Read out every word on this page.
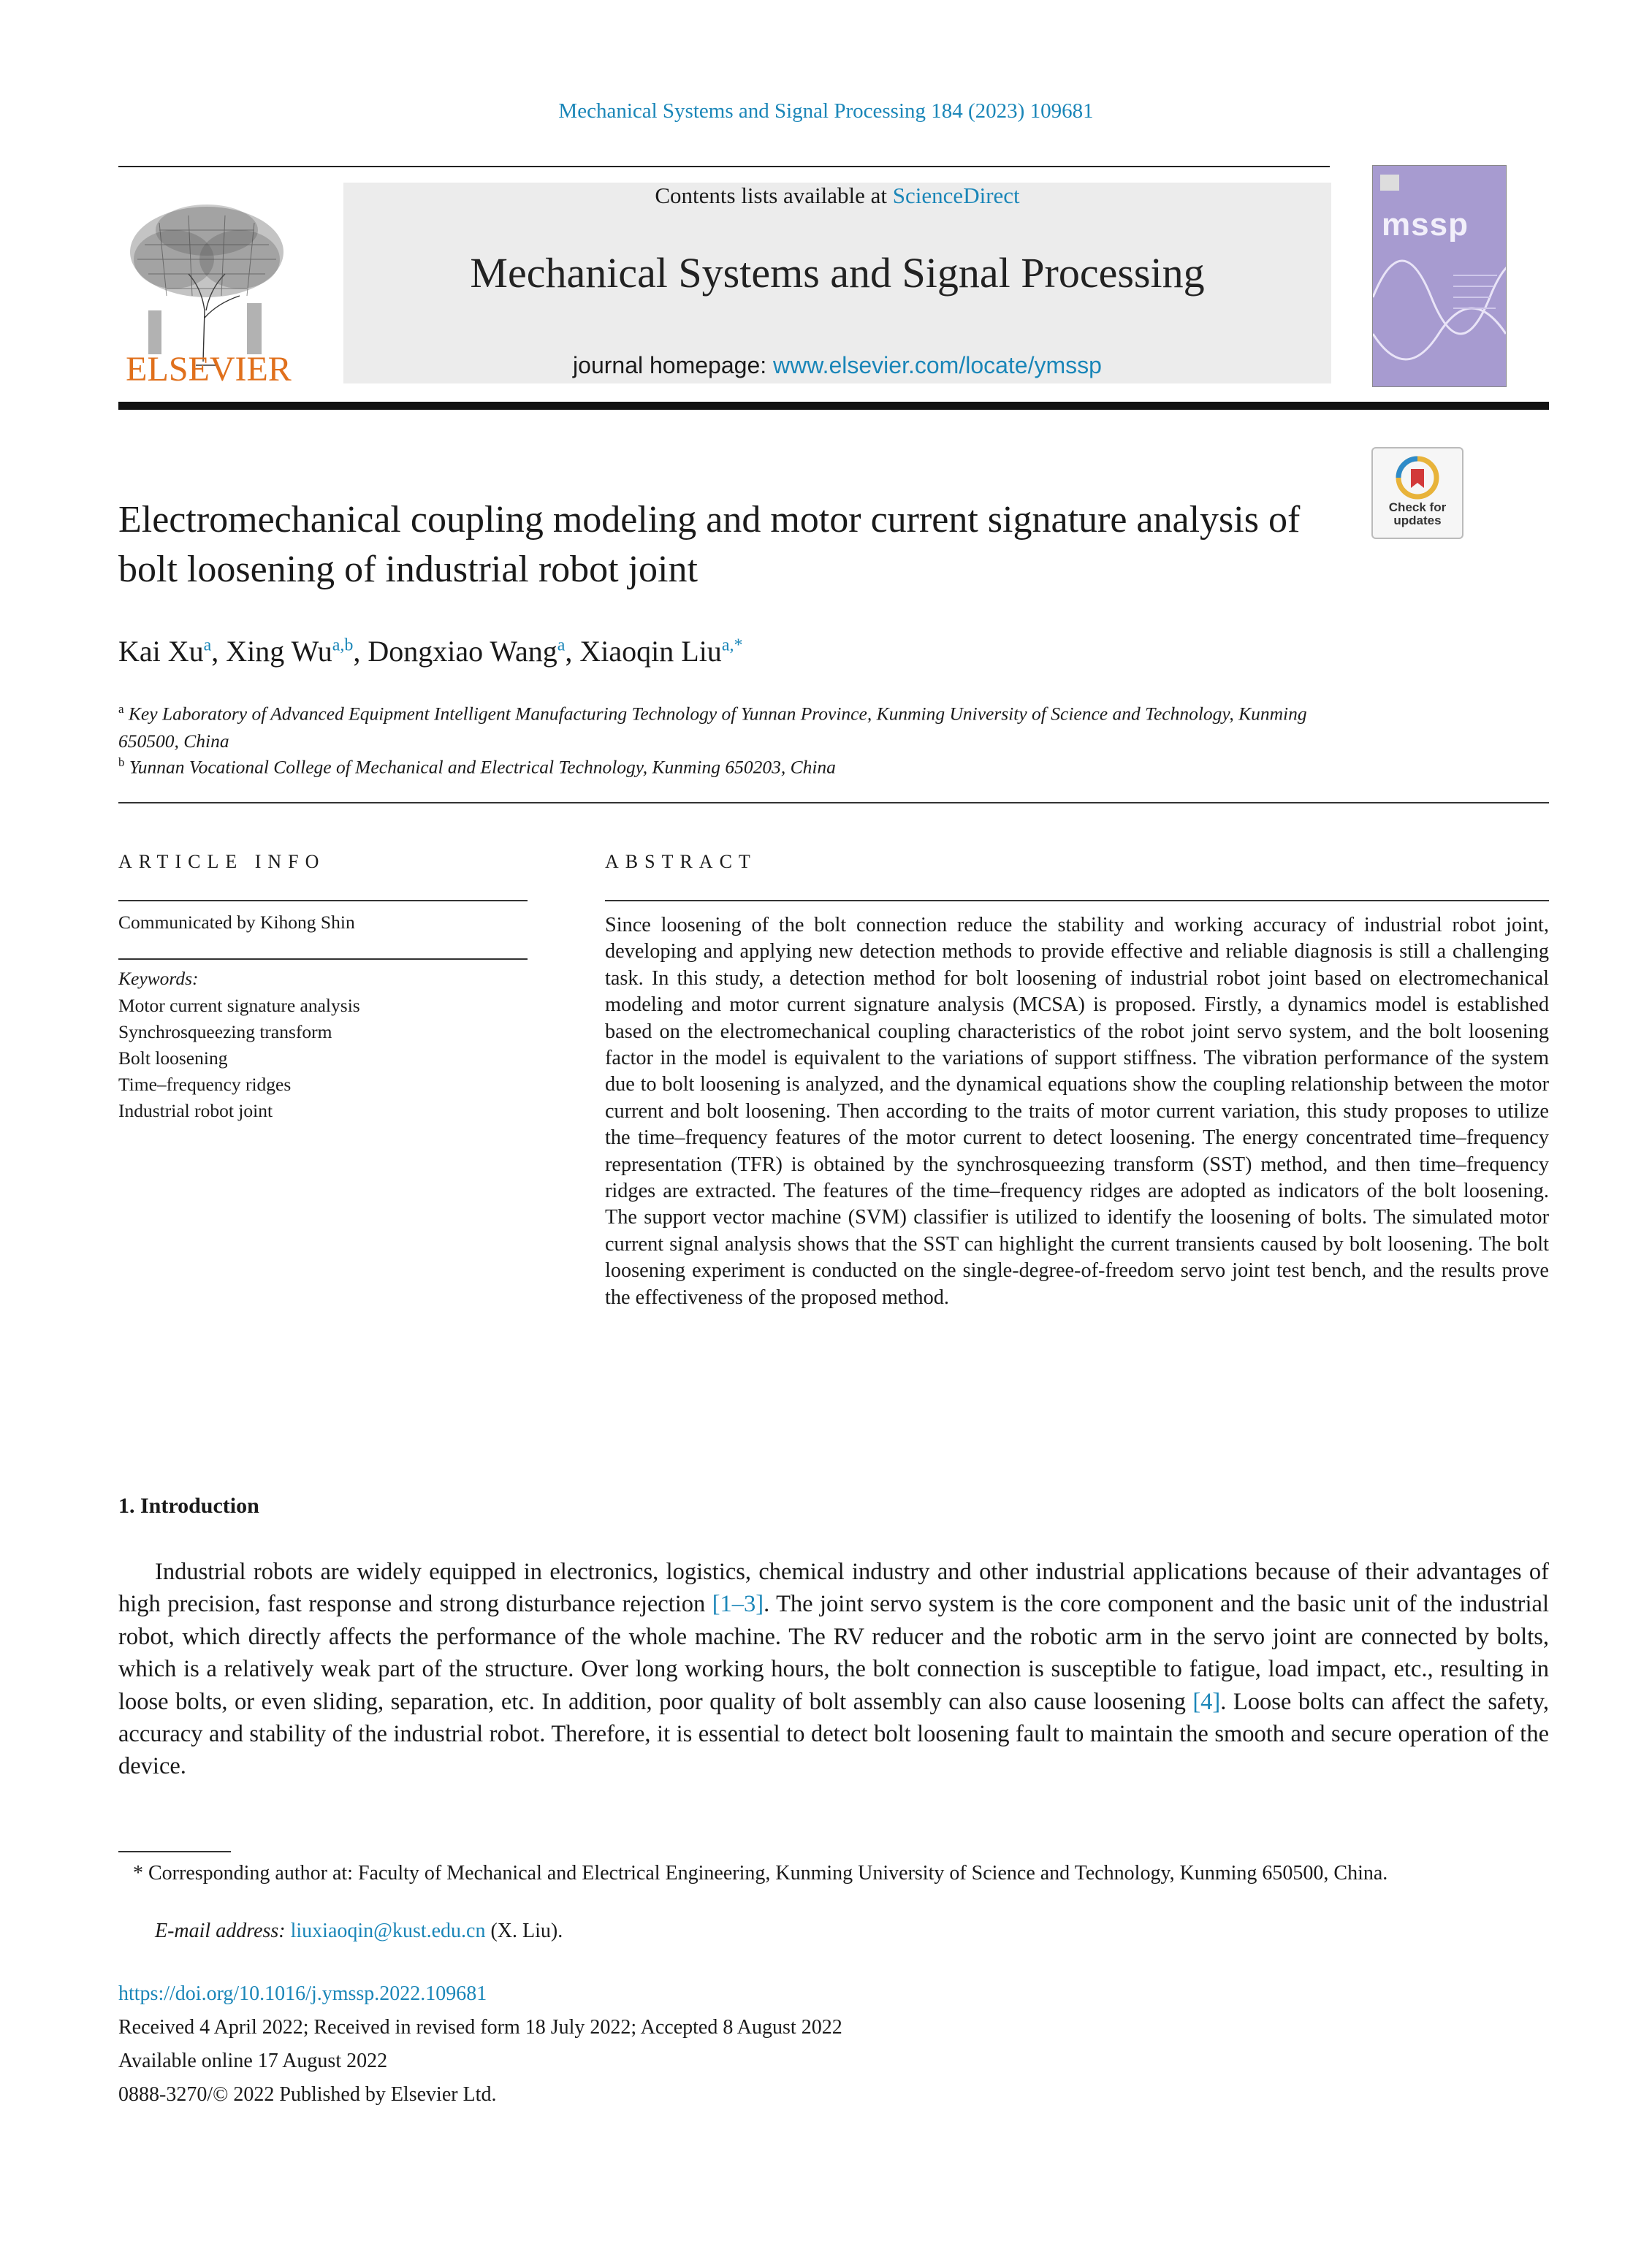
Mechanical Systems and Signal Processing 184 (2023) 109681
ELSEVIER
Contents lists available at ScienceDirect
Mechanical Systems and Signal Processing
journal homepage: www.elsevier.com/locate/ymssp
mssp
Check for updates
Electromechanical coupling modeling and motor current signature analysis of bolt loosening of industrial robot joint
Kai Xu$^a$, Xing Wu$^{a,b}$, Dongxiao Wang$^a$, Xiaoqin Liu$^{a,*}$
$^a$ Key Laboratory of Advanced Equipment Intelligent Manufacturing Technology of Yunnan Province, Kunming University of Science and Technology, Kunming 650500, China
$^b$ Yunnan Vocational College of Mechanical and Electrical Technology, Kunming 650203, China
ARTICLE INFO	ABSTRACT
Communicated by Kihong Shin
Keywords:
Motor current signature analysis
Synchrosqueezing transform
Bolt loosening
Time–frequency ridges
Industrial robot joint
Since loosening of the bolt connection reduce the stability and working accuracy of industrial robot joint, developing and applying new detection methods to provide effective and reliable diagnosis is still a challenging task. In this study, a detection method for bolt loosening of industrial robot joint based on electromechanical modeling and motor current signature analysis (MCSA) is proposed. Firstly, a dynamics model is established based on the electromechanical coupling characteristics of the robot joint servo system, and the bolt loosening factor in the model is equivalent to the variations of support stiffness. The vibration performance of the system due to bolt loosening is analyzed, and the dynamical equations show the coupling relationship between the motor current and bolt loosening. Then according to the traits of motor current variation, this study proposes to utilize the time–frequency features of the motor current to detect loosening. The energy concentrated time–frequency representation (TFR) is obtained by the synchrosqueezing transform (SST) method, and then time–frequency ridges are extracted. The features of the time–frequency ridges are adopted as indicators of the bolt loosening. The support vector machine (SVM) classifier is utilized to identify the loosening of bolts. The simulated motor current signal analysis shows that the SST can highlight the current transients caused by bolt loosening. The bolt loosening experiment is conducted on the single-degree-of-freedom servo joint test bench, and the results prove the effectiveness of the proposed method.
1. Introduction
Industrial robots are widely equipped in electronics, logistics, chemical industry and other industrial applications because of their advantages of high precision, fast response and strong disturbance rejection [1–3]. The joint servo system is the core component and the basic unit of the industrial robot, which directly affects the performance of the whole machine. The RV reducer and the robotic arm in the servo joint are connected by bolts, which is a relatively weak part of the structure. Over long working hours, the bolt connection is susceptible to fatigue, load impact, etc., resulting in loose bolts, or even sliding, separation, etc. In addition, poor quality of bolt assembly can also cause loosening [4]. Loose bolts can affect the safety, accuracy and stability of the industrial robot. Therefore, it is essential to detect bolt loosening fault to maintain the smooth and secure operation of the device.
* Corresponding author at: Faculty of Mechanical and Electrical Engineering, Kunming University of Science and Technology, Kunming 650500, China.
E-mail address: liuxiaoqin@kust.edu.cn (X. Liu).
https://doi.org/10.1016/j.ymssp.2022.109681
Received 4 April 2022; Received in revised form 18 July 2022; Accepted 8 August 2022
Available online 17 August 2022
0888-3270/© 2022 Published by Elsevier Ltd.
